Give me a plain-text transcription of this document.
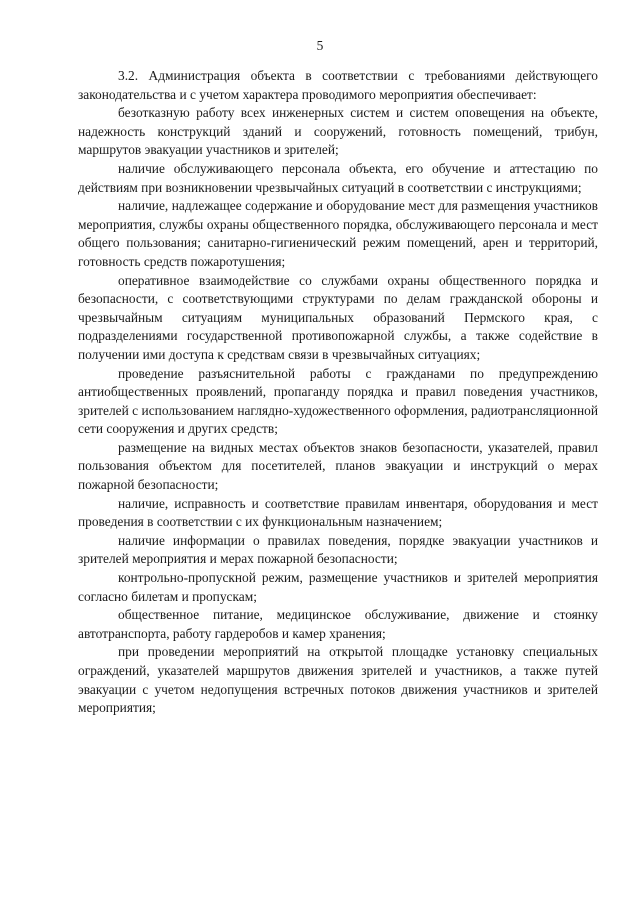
5

3.2. Администрация объекта в соответствии с требованиями действующего законодательства и с учетом характера проводимого мероприятия обеспечивает:

безотказную работу всех инженерных систем и систем оповещения на объекте, надежность конструкций зданий и сооружений, готовность помещений, трибун, маршрутов эвакуации участников и зрителей;

наличие обслуживающего персонала объекта, его обучение и аттестацию по действиям при возникновении чрезвычайных ситуаций в соответствии с инструкциями;

наличие, надлежащее содержание и оборудование мест для размещения участников мероприятия, службы охраны общественного порядка, обслуживающего персонала и мест общего пользования; санитарно-гигиенический режим помещений, арен и территорий, готовность средств пожаротушения;

оперативное взаимодействие со службами охраны общественного порядка и безопасности, с соответствующими структурами по делам гражданской обороны и чрезвычайным ситуациям муниципальных образований Пермского края, с подразделениями государственной противопожарной службы, а также содействие в получении ими доступа к средствам связи в чрезвычайных ситуациях;

проведение разъяснительной работы с гражданами по предупреждению антиобщественных проявлений, пропаганду порядка и правил поведения участников, зрителей с использованием наглядно-художественного оформления, радиотрансляционной сети сооружения и других средств;

размещение на видных местах объектов знаков безопасности, указателей, правил пользования объектом для посетителей, планов эвакуации и инструкций о мерах пожарной безопасности;

наличие, исправность и соответствие правилам инвентаря, оборудования и мест проведения в соответствии с их функциональным назначением;

наличие информации о правилах поведения, порядке эвакуации участников и зрителей мероприятия и мерах пожарной безопасности;

контрольно-пропускной режим, размещение участников и зрителей мероприятия согласно билетам и пропускам;

общественное питание, медицинское обслуживание, движение и стоянку автотранспорта, работу гардеробов и камер хранения;

при проведении мероприятий на открытой площадке установку специальных ограждений, указателей маршрутов движения зрителей и участников, а также путей эвакуации с учетом недопущения встречных потоков движения участников и зрителей мероприятия;
